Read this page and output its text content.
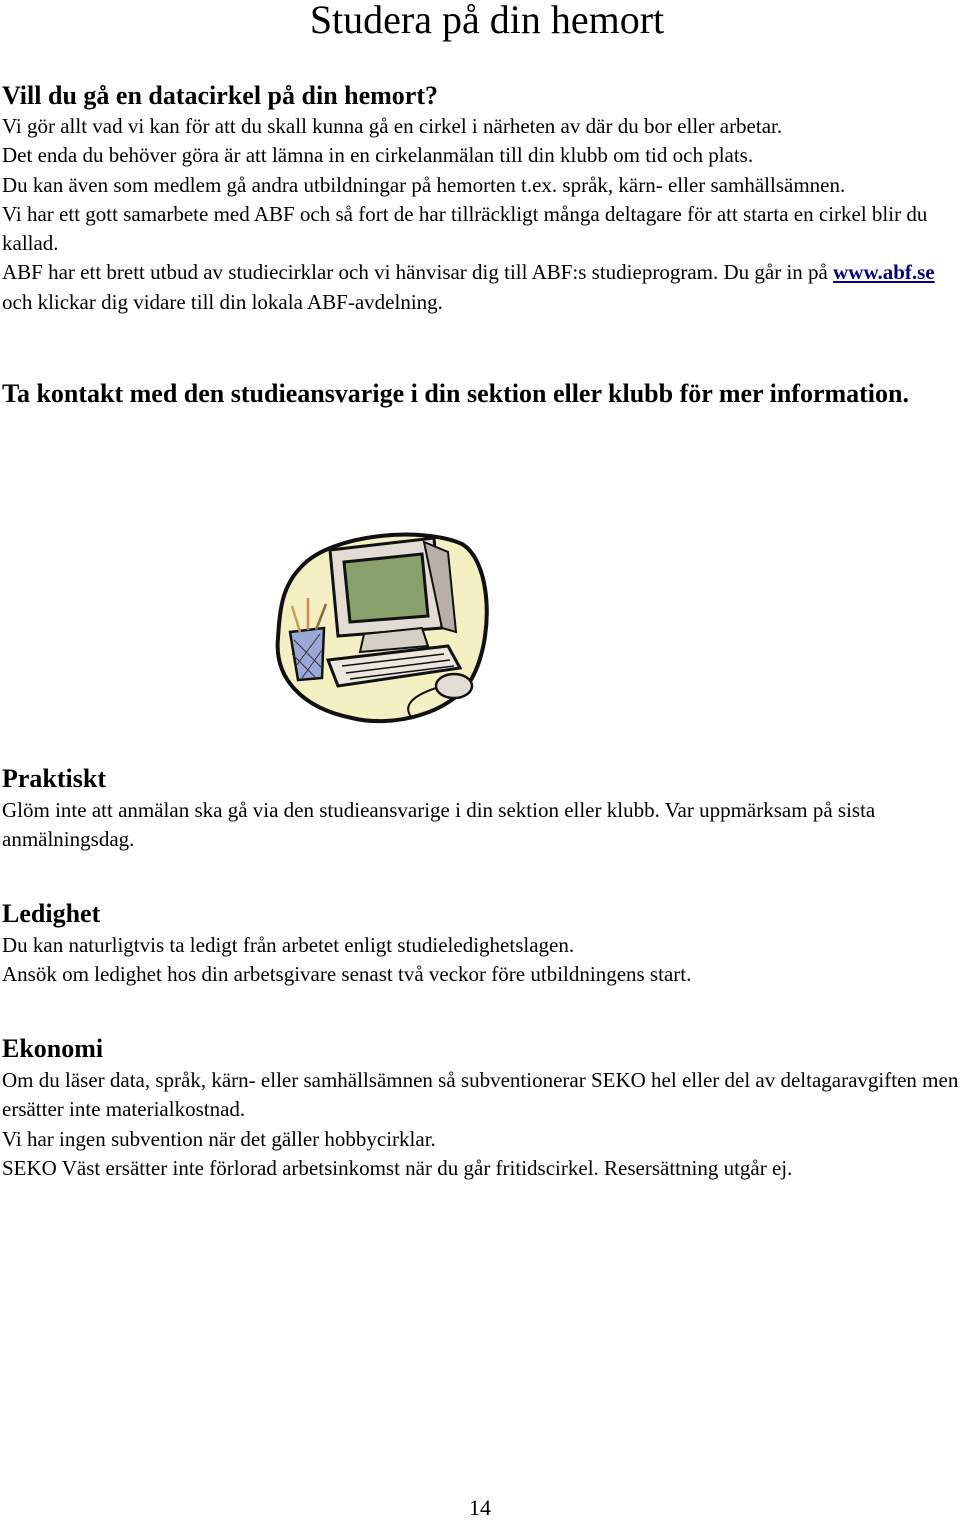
Studera på din hemort
Vill du gå en datacirkel på din hemort?

Vi gör allt vad vi kan för att du skall kunna gå en cirkel i närheten av där du bor eller arbetar.

Det enda du behöver göra är att lämna in en cirkelanmälan till din klubb om tid och plats.

Du kan även som medlem gå andra utbildningar på hemorten t.ex. språk, kärn- eller samhällsämnen.

Vi har ett gott samarbete med ABF och så fort de har tillräckligt många deltagare för att starta en cirkel blir du kallad.

ABF har ett brett utbud av studiecirklar och vi hänvisar dig till ABF:s studieprogram. Du går in på www.abf.se  och klickar dig vidare till din lokala ABF-avdelning.

Ta kontakt med den studieansvarige i din sektion eller klubb för mer information.

Praktiskt

Glöm inte att anmälan ska gå via den studieansvarige i din sektion eller klubb. Var uppmärksam på sista anmälningsdag.

Ledighet

Du kan naturligtvis ta ledigt från arbetet enligt studieledighetslagen.

Ansök om ledighet hos din arbetsgivare senast två veckor före utbildningens start.

Ekonomi

Om du läser data, språk, kärn- eller samhällsämnen så subventionerar SEKO hel eller del av deltagaravgiften men ersätter inte materialkostnad.

Vi har ingen subvention när det gäller hobbycirklar.

SEKO Väst ersätter inte förlorad arbetsinkomst när du går fritidscirkel. Resersättning utgår ej.

14
